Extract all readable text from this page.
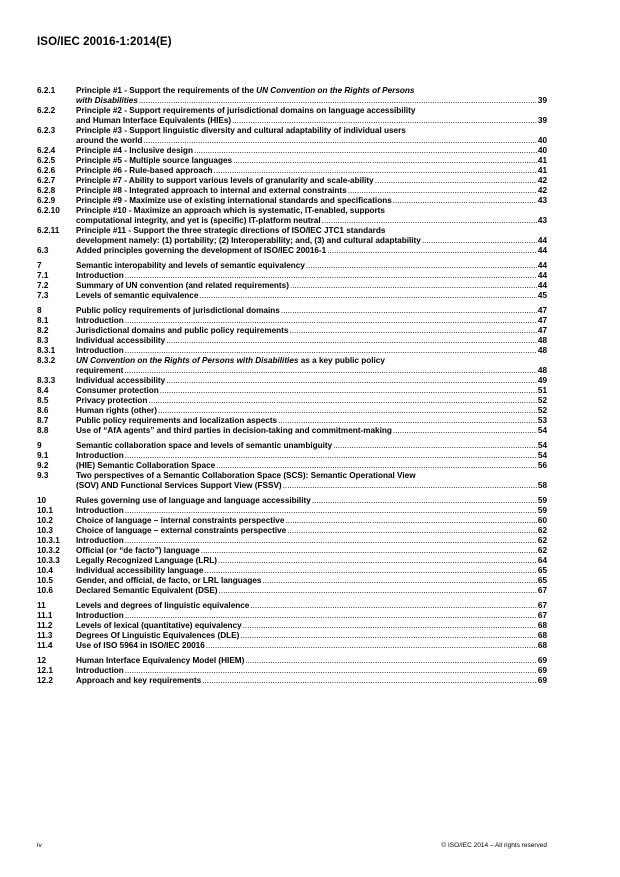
ISO/IEC 20016-1:2014(E)
6.2.1	Principle #1 - Support the requirements of the UN Convention on the Rights of Persons
with Disabilities .....	39
6.2.2	Principle #2 - Support requirements of jurisdictional domains on language accessibility
and Human Interface Equivalents (HIEs) .....	39
6.2.3	Principle #3 - Support linguistic diversity and cultural adaptability of individual users
around the world .....	40
6.2.4	Principle #4 - Inclusive design .....	40
6.2.5	Principle #5 - Multiple source languages .....	41
6.2.6	Principle #6 - Rule-based approach .....	41
6.2.7	Principle #7 - Ability to support various levels of granularity and scale-ability .....	42
6.2.8	Principle #8 - Integrated approach to internal and external constraints .....	42
6.2.9	Principle #9 - Maximize use of existing international standards and specifications .....	43
6.2.10	Principle #10 - Maximize an approach which is systematic, IT-enabled, supports
computational integrity, and yet is (specific) IT-platform neutral .....	43
6.2.11	Principle #11 - Support the three strategic directions of ISO/IEC JTC1 standards
development namely: (1) portability; (2) Interoperability; and, (3) and cultural adaptability .....	44
6.3	Added principles governing the development of ISO/IEC 20016-1 .....	44
7	Semantic interopability and levels of semantic equivalency .....	44
7.1	Introduction .....	44
7.2	Summary of UN convention (and related requirements) .....	44
7.3	Levels of semantic equivalence .....	45
8	Public policy requirements of jurisdictional domains .....	47
8.1	Introduction .....	47
8.2	Jurisdictional domains and public policy requirements .....	47
8.3	Individual accessibility .....	48
8.3.1	Introduction .....	48
8.3.2	UN Convention on the Rights of Persons with Disabilities as a key public policy
requirement .....	48
8.3.3	Individual accessibility .....	49
8.4	Consumer protection .....	51
8.5	Privacy protection .....	52
8.6	Human rights (other) .....	52
8.7	Public policy requirements and localization aspects .....	53
8.8	Use of “AfA agents” and third parties in decision-taking and commitment-making .....	54
9	Semantic collaboration space and levels of semantic unambiguity .....	54
9.1	Introduction .....	54
9.2	(HIE) Semantic Collaboration Space .....	56
9.3	Two perspectives of a Semantic Collaboration Space (SCS): Semantic Operational View
(SOV) AND Functional Services Support View (FSSV) .....	58
10	Rules governing use of language and language accessibility .....	59
10.1	Introduction .....	59
10.2	Choice of language – internal constraints perspective .....	60
10.3	Choice of language – external constraints perspective .....	62
10.3.1	Introduction .....	62
10.3.2	Official (or “de facto”) language .....	62
10.3.3	Legally Recognized Language (LRL) .....	64
10.4	Individual accessibility language .....	65
10.5	Gender, and official, de facto, or LRL languages .....	65
10.6	Declared Semantic Equivalent (DSE) .....	67
11	Levels and degrees of linguistic equivalence .....	67
11.1	Introduction .....	67
11.2	Levels of lexical (quantitative) equivalency .....	68
11.3	Degrees Of Linguistic Equivalences (DLE) .....	68
11.4	Use of ISO 5964 in ISO/IEC 20016 .....	68
12	Human Interface Equivalency Model (HIEM) .....	69
12.1	Introduction .....	69
12.2	Approach and key requirements .....	69
iv	© ISO/IEC 2014 – All rights reserved
